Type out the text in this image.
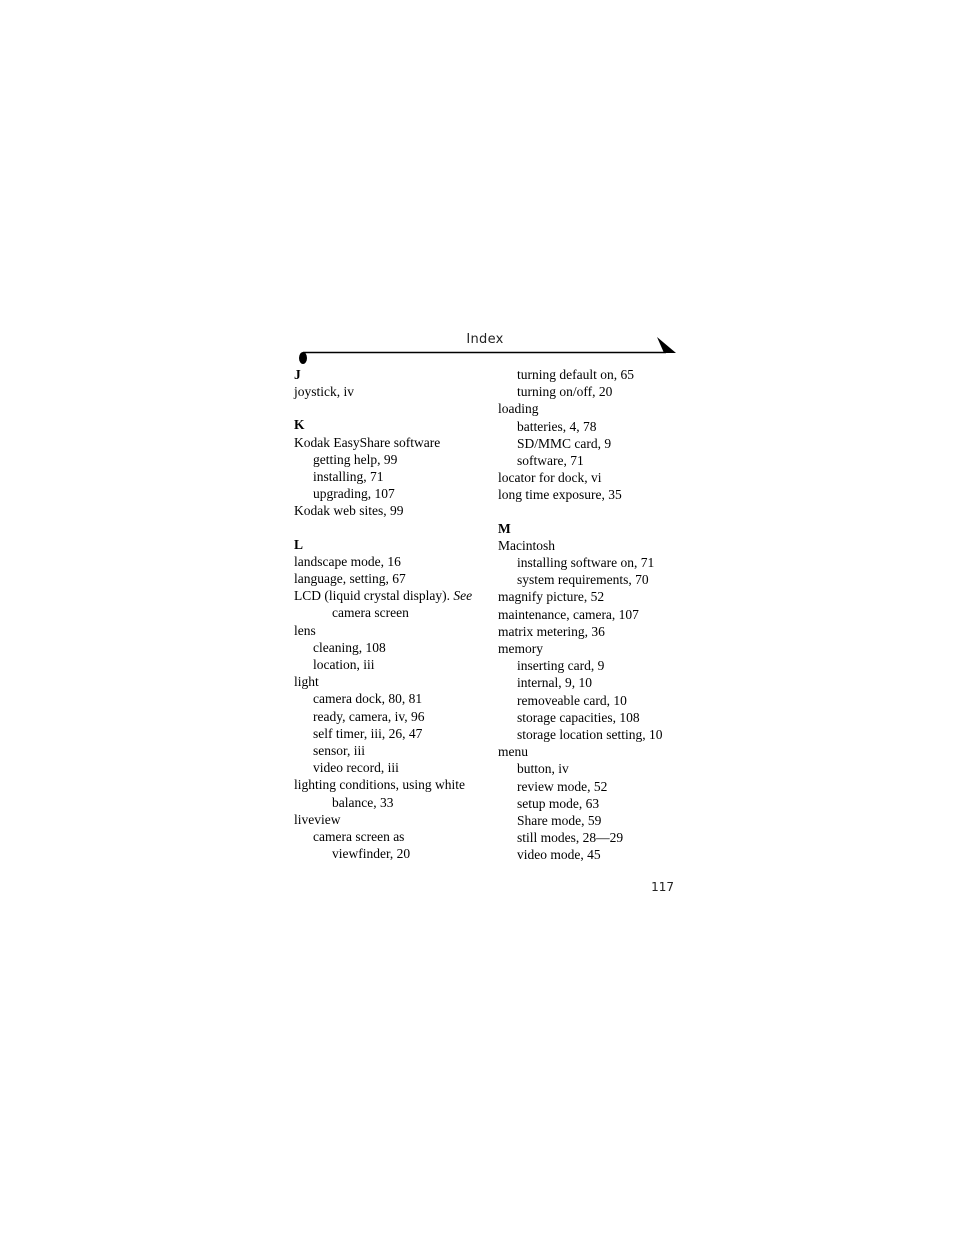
Index
J
joystick, iv
K
Kodak EasyShare software
getting help, 99
installing, 71
upgrading, 107
Kodak web sites, 99
L
landscape mode, 16
language, setting, 67
LCD (liquid crystal display). See
camera screen
lens
cleaning, 108
location, iii
light
camera dock, 80, 81
ready, camera, iv, 96
self timer, iii, 26, 47
sensor, iii
video record, iii
lighting conditions, using white
balance, 33
liveview
camera screen as
viewfinder, 20
turning default on, 65
turning on/off, 20
loading
batteries, 4, 78
SD/MMC card, 9
software, 71
locator for dock, vi
long time exposure, 35
M
Macintosh
installing software on, 71
system requirements, 70
magnify picture, 52
maintenance, camera, 107
matrix metering, 36
memory
inserting card, 9
internal, 9, 10
removeable card, 10
storage capacities, 108
storage location setting, 10
menu
button, iv
review mode, 52
setup mode, 63
Share mode, 59
still modes, 28—29
video mode, 45
117
